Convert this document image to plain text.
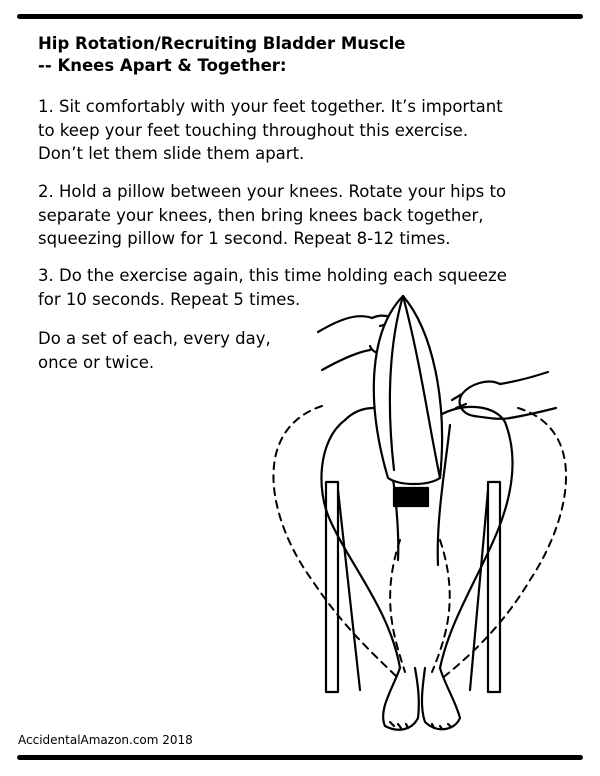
Hip Rotation/Recruiting Bladder Muscle
-- Knees Apart & Together:
1. Sit comfortably with your feet together. It’s important
to keep your feet touching throughout this exercise.
Don’t let them slide them apart.
2. Hold a pillow between your knees. Rotate your hips to
separate your knees, then bring knees back together,
squeezing pillow for 1 second. Repeat 8-12 times.
3. Do the exercise again, this time holding each squeeze
for 10 seconds. Repeat 5 times.
Do a set of each, every day,
once or twice.
AccidentalAmazon.com 2018
